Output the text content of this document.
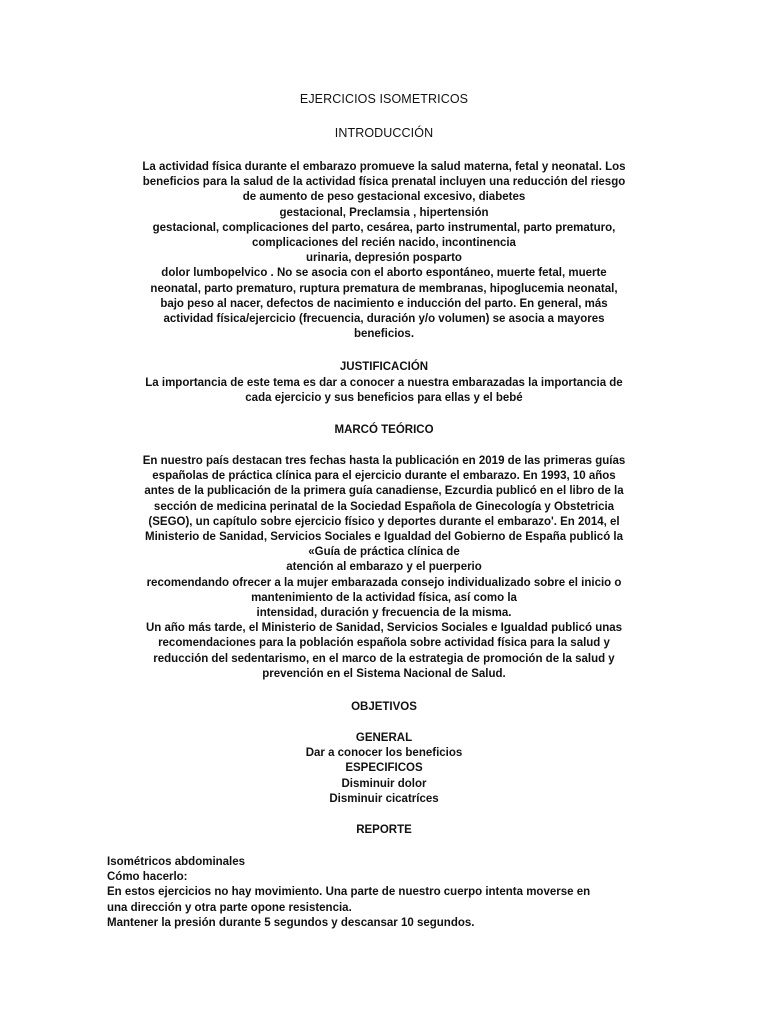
EJERCICIOS ISOMETRICOS
INTRODUCCIÓN
La actividad física durante el embarazo promueve la salud materna, fetal y neonatal. Los
beneficios para la salud de la actividad física prenatal incluyen una reducción del riesgo
de aumento de peso gestacional excesivo, diabetes
gestacional, Preclamsia , hipertensión
gestacional, complicaciones del parto, cesárea, parto instrumental, parto prematuro,
complicaciones del recién nacido, incontinencia
urinaria, depresión posparto
dolor lumbopelvico . No se asocia con el aborto espontáneo, muerte fetal, muerte
neonatal, parto prematuro, ruptura prematura de membranas, hipoglucemia neonatal,
bajo peso al nacer, defectos de nacimiento e inducción del parto. En general, más
actividad física/ejercicio (frecuencia, duración y/o volumen) se asocia a mayores
beneficios.
JUSTIFICACIÓN
La importancia de este tema es dar a conocer a nuestra embarazadas la importancia de
cada ejercicio y sus beneficios para ellas y el bebé
MARCÓ TEÓRICO
En nuestro país destacan tres fechas hasta la publicación en 2019 de las primeras guías
españolas de práctica clínica para el ejercicio durante el embarazo. En 1993, 10 años
antes de la publicación de la primera guía canadiense, Ezcurdia publicó en el libro de la
sección de medicina perinatal de la Sociedad Española de Ginecología y Obstetricia
(SEGO), un capítulo sobre ejercicio físico y deportes durante el embarazo'. En 2014, el
Ministerio de Sanidad, Servicios Sociales e Igualdad del Gobierno de España publicó la
«Guía de práctica clínica de
atención al embarazo y el puerperio
recomendando ofrecer a la mujer embarazada consejo individualizado sobre el inicio o
mantenimiento de la actividad física, así como la
intensidad, duración y frecuencia de la misma.
Un año más tarde, el Ministerio de Sanidad, Servicios Sociales e Igualdad publicó unas
recomendaciones para la población española sobre actividad física para la salud y
reducción del sedentarismo, en el marco de la estrategia de promoción de la salud y
prevención en el Sistema Nacional de Salud.
OBJETIVOS
GENERAL
Dar a conocer los beneficios
ESPECIFICOS
Disminuir dolor
Disminuir cicatríces
REPORTE
Isométricos abdominales
Cómo hacerlo:
En estos ejercicios no hay movimiento. Una parte de nuestro cuerpo intenta moverse en
una dirección y otra parte opone resistencia.
Mantener la presión durante 5 segundos y descansar 10 segundos.
